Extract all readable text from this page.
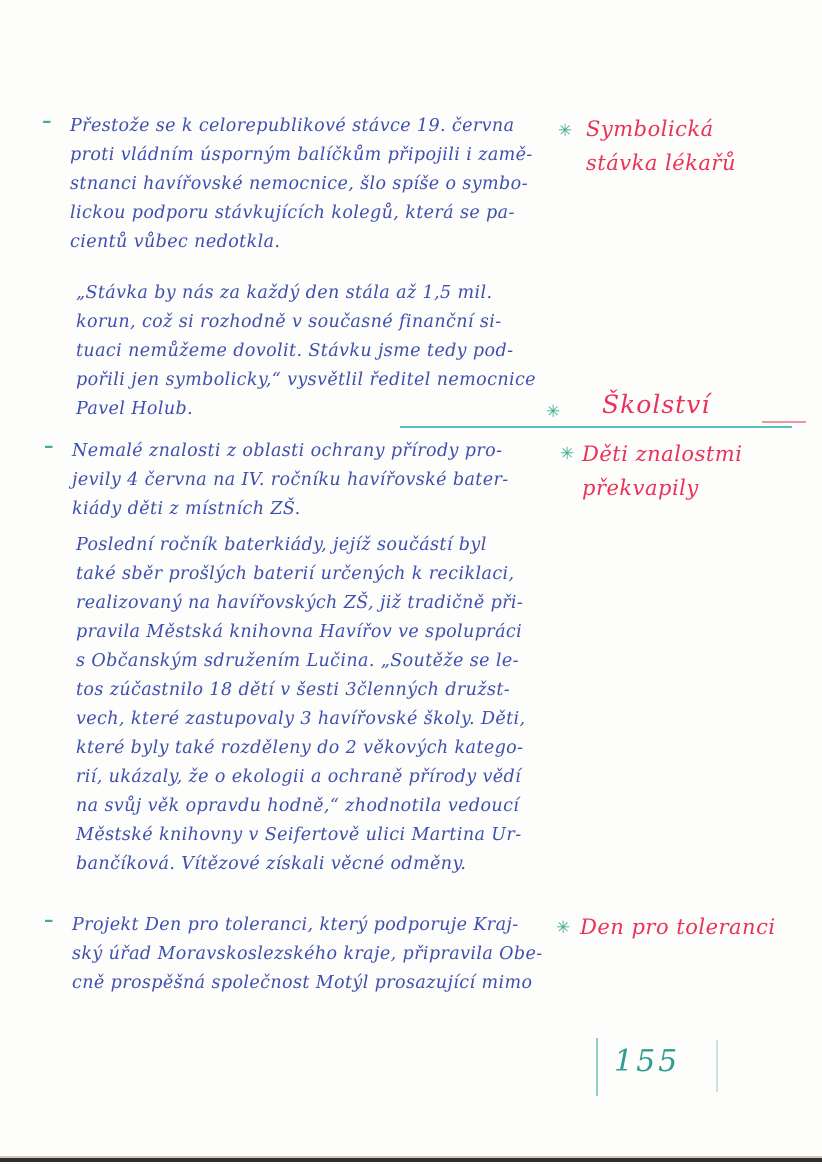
– Přestože se k celorepublikové stávce 19. června
proti vládním úsporným balíčkům připojili i zamě-
stnanci havířovské nemocnice, šlo spíše o symbo-
lickou podporu stávkujících kolegů, která se pa-
cientů vůbec nedotkla.
„Stávka by nás za každý den stála až 1,5 mil.
korun, což si rozhodně v současné finanční si-
tuaci nemůžeme dovolit. Stávku jsme tedy pod-
pořili jen symbolicky,“ vysvětlil ředitel nemocnice
Pavel Holub.
– Nemalé znalosti z oblasti ochrany přírody pro-
jevily 4 června na IV. ročníku havířovské bater-
kiády děti z místních ZŠ.
Poslední ročník baterkiády, jejíž součástí byl
také sběr prošlých baterií určených k reciklaci,
realizovaný na havířovských ZŠ, již tradičně při-
pravila Městská knihovna Havířov ve spolupráci
s Občanským sdružením Lučina. „Soutěže se le-
tos zúčastnilo 18 dětí v šesti 3členných družst-
vech, které zastupovaly 3 havířovské školy. Děti,
které byly také rozděleny do 2 věkových katego-
rií, ukázaly, že o ekologii a ochraně přírody vědí
na svůj věk opravdu hodně,“ zhodnotila vedoucí
Městské knihovny v Seifertově ulici Martina Ur-
bančíková. Vítězové získali věcné odměny.
– Projekt Den pro toleranci, který podporuje Kraj-
ský úřad Moravskoslezského kraje, připravila Obe-
cně prospěšná společnost Motýl prosazující mimo
✳ Symbolická
stávka lékařů
✳ Školství
✳ Děti znalostmi
překvapily
✳ Den pro toleranci
155
